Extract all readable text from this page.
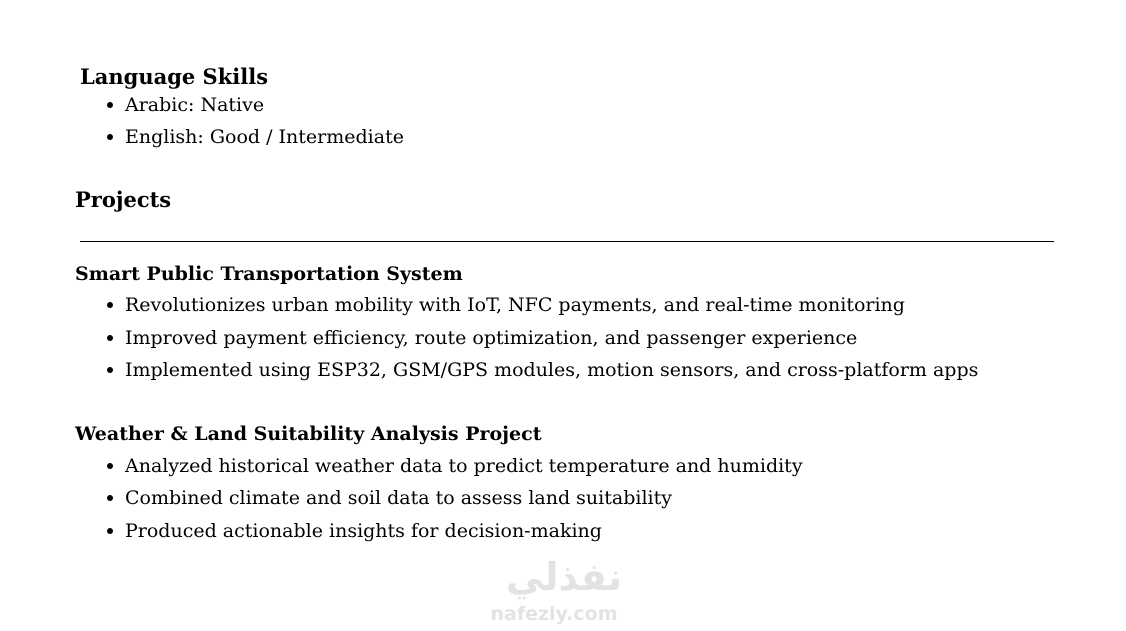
Language Skills
Arabic: Native
English: Good / Intermediate
Projects
Smart Public Transportation System
Revolutionizes urban mobility with IoT, NFC payments, and real-time monitoring
Improved payment efficiency, route optimization, and passenger experience
Implemented using ESP32, GSM/GPS modules, motion sensors, and cross-platform apps
Weather & Land Suitability Analysis Project
Analyzed historical weather data to predict temperature and humidity
Combined climate and soil data to assess land suitability
Produced actionable insights for decision-making
نفذلي
nafezly.com
